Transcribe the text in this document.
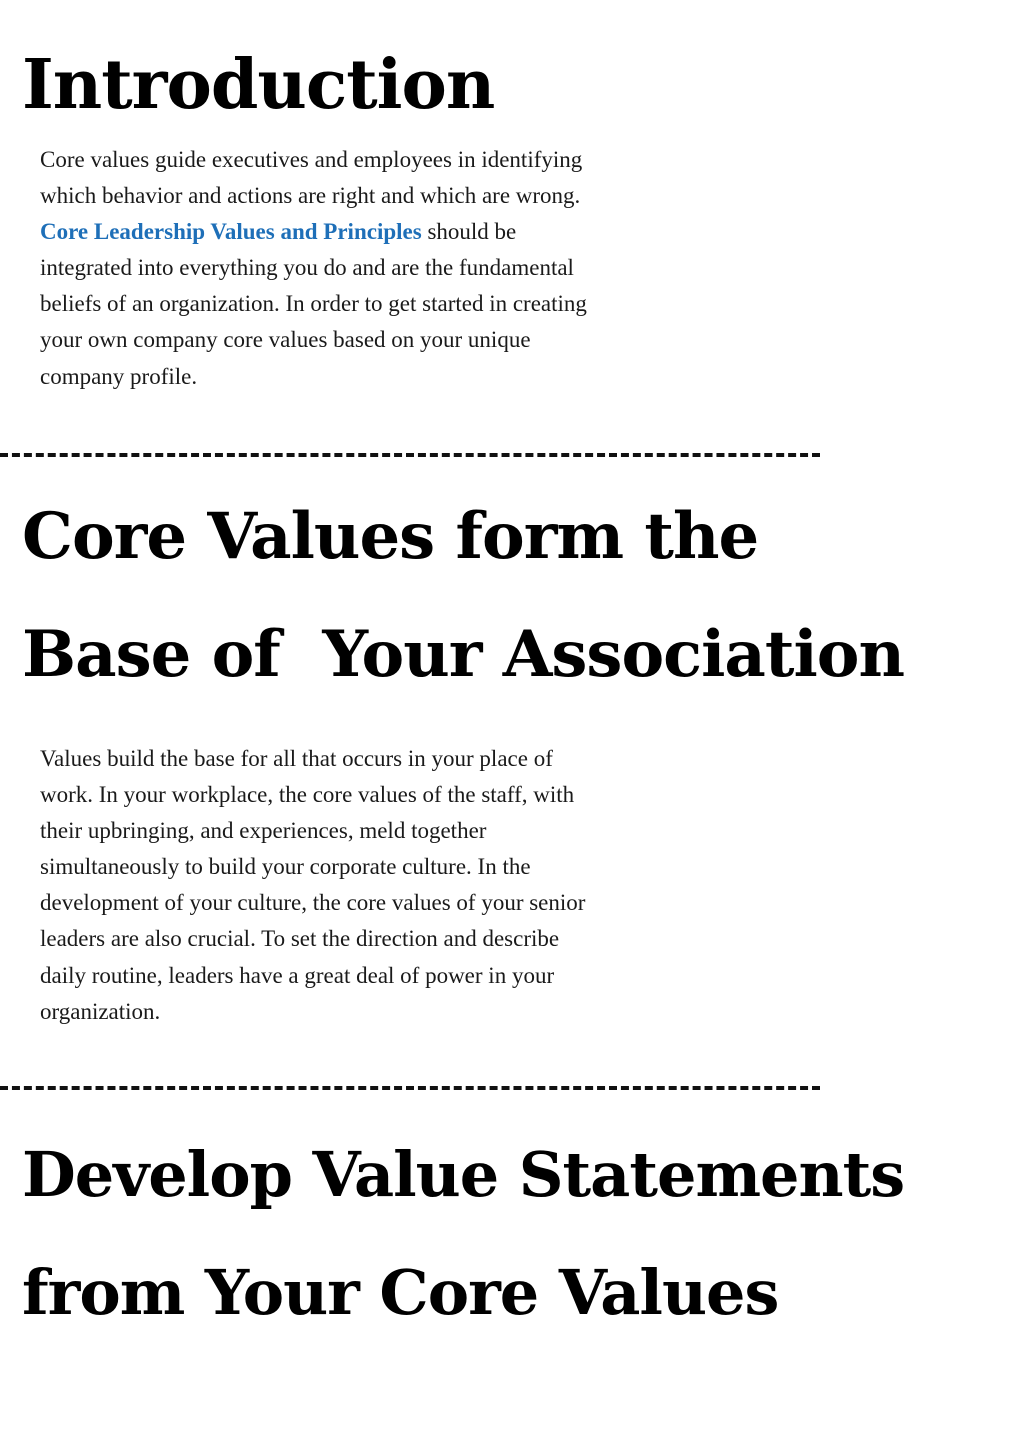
Introduction

Core values guide executives and employees in identifying which behavior and actions are right and which are wrong. Core Leadership Values and Principles should be integrated into everything you do and are the fundamental beliefs of an organization. In order to get started in creating your own company core values based on your unique company profile.

Core Values form the
Base of  Your Association

Values build the base for all that occurs in your place of work. In your workplace, the core values of the staff, with their upbringing, and experiences, meld together simultaneously to build your corporate culture. In the development of your culture, the core values of your senior leaders are also crucial. To set the direction and describe daily routine, leaders have a great deal of power in your organization.

Develop Value Statements
from Your Core Values
